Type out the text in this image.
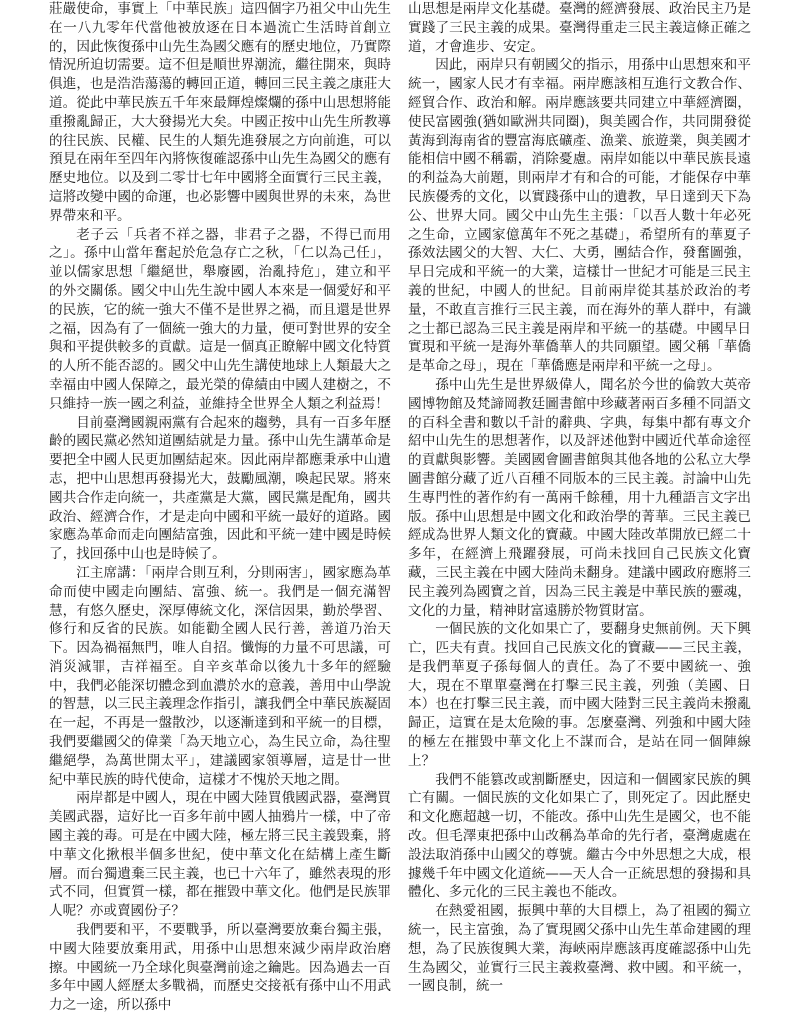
莊嚴使命，事實上「中華民族」這四個字乃祖父中山先生在一八九零年代當他被放逐在日本過流亡生活時首創立的，因此恢復孫中山先生為國父應有的歷史地位，乃實際情況所迫切需要。這不但是順世界潮流，繼往開來，與時俱進，也是浩浩蕩蕩的轉回正道，轉回三民主義之康莊大道。從此中華民族五千年來最輝煌燦爛的孫中山思想將能重撥亂歸正，大大發揚光大矣。中國正按中山先生所教導的往民族、民權、民生的人類先進發展之方向前進，可以預見在兩年至四年內將恢復確認孫中山先生為國父的應有歷史地位。以及到二零廿七年中國將全面實行三民主義，這將改變中國的命運，也必影響中國與世界的未來，為世界帶來和平。

老子云「兵者不祥之器，非君子之器，不得已而用之」。孫中山當年奮起於危急存亡之秋，「仁以為己任」，並以儒家思想「繼絕世，舉廢國，治亂持危」，建立和平的外交關係。國父中山先生說中國人本來是一個愛好和平的民族，它的統一強大不僅不是世界之禍，而且還是世界之福，因為有了一個統一強大的力量，便可對世界的安全與和平提供較多的貢獻。這是一個真正瞭解中國文化特質的人所不能否認的。國父中山先生講使地球上人類最大之幸福由中國人保障之，最光榮的偉績由中國人建樹之，不只維持一族一國之利益，並維持全世界全人類之利益焉！

目前臺灣國親兩黨有合起來的趨勢，具有一百多年歷齡的國民黨必然知道團結就是力量。孫中山先生講革命是要把全中國人民更加團結起來。因此兩岸都應秉承中山遺志，把中山思想再發揚光大，鼓勵風潮，喚起民眾。將來國共合作走向統一，共產黨是大黨，國民黨是配角，國共政治、經濟合作，才是走向中國和平統一最好的道路。國家應為革命而走向團結富強，因此和平統一建中國是時候了，找回孫中山也是時候了。

江主席講：「兩岸合則互利，分則兩害」，國家應為革命而使中國走向團結、富強、統一。我們是一個充滿智慧，有悠久歷史，深厚傳統文化，深信因果，勤於學習、修行和反省的民族。如能勸全國人民行善，善道乃治天下。因為禍福無門，唯人自招。懺悔的力量不可思議，可消災減罪，吉祥福至。自辛亥革命以後九十多年的經驗中，我們必能深切體念到血濃於水的意義，善用中山學說的智慧，以三民主義理念作指引，讓我們全中華民族凝固在一起，不再是一盤散沙，以逐漸達到和平統一的目標，我們要繼國父的偉業「為天地立心，為生民立命，為往聖繼絕學，為萬世開太平」，建議國家領導層，這是廿一世紀中華民族的時代使命，這樣才不愧於天地之間。

兩岸都是中國人，現在中國大陸買俄國武器，臺灣買美國武器，這好比一百多年前中國人抽鴉片一樣，中了帝國主義的毒。可是在中國大陸，極左將三民主義毀棄，將中華文化揪根半個多世紀，使中華文化在結構上產生斷層。而台獨遺棄三民主義，也已十六年了，雖然表現的形式不同，但實質一樣，都在摧毀中華文化。他們是民族罪人呢？亦或賣國份子？

我們要和平，不要戰爭，所以臺灣要放棄台獨主張，中國大陸要放棄用武，用孫中山思想來減少兩岸政治磨擦。中國統一乃全球化與臺灣前途之鑰匙。因為過去一百多年中國人經歷太多戰禍，而歷史交接祇有孫中山不用武力之一途，所以孫中

山思想是兩岸文化基礎。臺灣的經濟發展、政治民主乃是實踐了三民主義的成果。臺灣得重走三民主義這條正確之道，才會進步、安定。

因此，兩岸只有朝國父的指示，用孫中山思想來和平統一，國家人民才有幸福。兩岸應該相互進行文教合作、經貿合作、政治和解。兩岸應該要共同建立中華經濟圈，使民富國強(猶如歐洲共同圈)，與美國合作，共同開發從黃海到海南省的豐富海底礦產、漁業、旅遊業，與美國才能相信中國不稱霸，消除憂慮。兩岸如能以中華民族長遠的利益為大前題，則兩岸才有和合的可能，才能保存中華民族優秀的文化，以實踐孫中山的遺教，早日達到天下為公、世界大同。國父中山先生主張：「以吾人數十年必死之生命，立國家億萬年不死之基礎」，希望所有的華夏子孫效法國父的大智、大仁、大勇，團結合作，發奮圖強，早日完成和平統一的大業，這樣廿一世紀才可能是三民主義的世紀，中國人的世紀。目前兩岸從其基於政治的考量，不敢直言推行三民主義，而在海外的華人群中，有識之士都已認為三民主義是兩岸和平統一的基礎。中國早日實現和平統一是海外華僑華人的共同願望。國父稱「華僑是革命之母」，現在「華僑應是兩岸和平統一之母」。

孫中山先生是世界級偉人，聞名於今世的倫敦大英帝國博物館及梵諦岡教廷圖書館中珍藏著兩百多種不同語文的百科全書和數以千計的辭典、字典，每集中都有專文介紹中山先生的思想著作，以及評述他對中國近代革命途徑的貢獻與影響。美國國會圖書館與其他各地的公私立大學圖書館分藏了近八百種不同版本的三民主義。討論中山先生專門性的著作約有一萬兩千餘種，用十九種語言文字出版。孫中山思想是中國文化和政治學的菁華。三民主義已經成為世界人類文化的寶藏。中國大陸改革開放已經二十多年，在經濟上飛躍發展，可尚未找回自己民族文化寶藏，三民主義在中國大陸尚未翻身。建議中國政府應將三民主義列為國寶之首，因為三民主義是中華民族的靈魂，文化的力量，精神財富遠勝於物質財富。

一個民族的文化如果亡了，要翻身史無前例。天下興亡，匹夫有責。找回自己民族文化的寶藏——三民主義，是我們華夏子孫每個人的責任。為了不要中國統一、強大，現在不單單臺灣在打擊三民主義，列強（美國、日本）也在打擊三民主義，而中國大陸對三民主義尚未撥亂歸正，這實在是太危險的事。怎麼臺灣、列強和中國大陸的極左在摧毀中華文化上不謀而合，是站在同一個陣線上？

我們不能篡改或割斷歷史，因這和一個國家民族的興亡有關。一個民族的文化如果亡了，則死定了。因此歷史和文化應超越一切，不能改。孫中山先生是國父，也不能改。但毛澤東把孫中山改稱為革命的先行者，臺灣處處在設法取消孫中山國父的尊號。繼古今中外思想之大成，根據幾千年中國文化道統——天人合一正統思想的發揚和具體化、多元化的三民主義也不能改。

在熱愛祖國，振興中華的大目標上，為了祖國的獨立統一，民主富強，為了實現國父孫中山先生革命建國的理想，為了民族復興大業，海峽兩岸應該再度確認孫中山先生為國父，並實行三民主義救臺灣、救中國。和平統一，一國良制，統一
